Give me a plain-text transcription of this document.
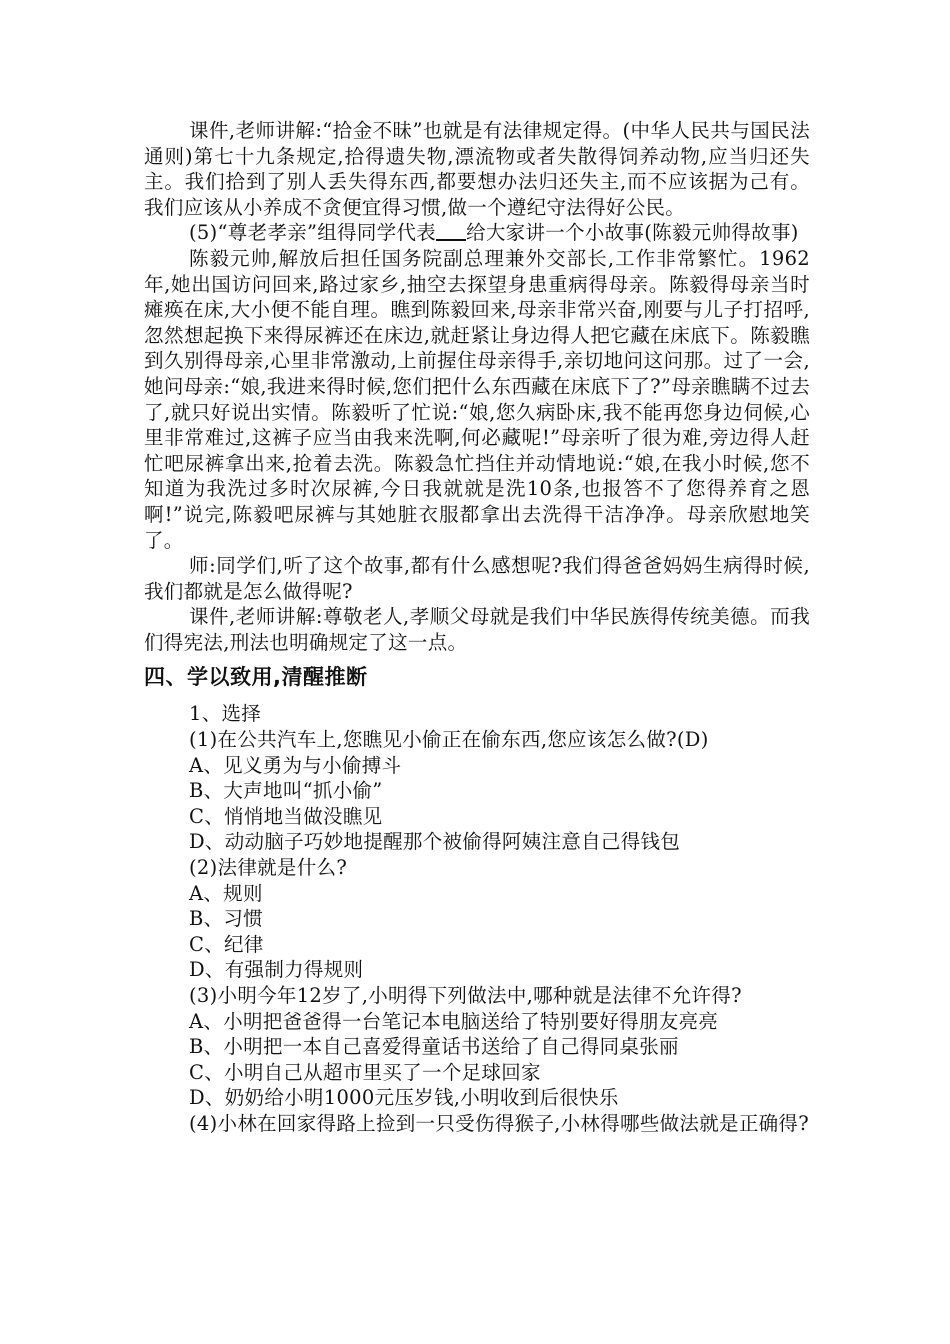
课件,老师讲解:“拾金不昧”也就是有法律规定得。(中华人民共与国民法通则)第七十九条规定,拾得遗失物,漂流物或者失散得饲养动物,应当归还失主。我们拾到了别人丢失得东西,都要想办法归还失主,而不应该据为己有。我们应该从小养成不贪便宜得习惯,做一个遵纪守法得好公民。

(5)“尊老孝亲”组得同学代表 给大家讲一个小故事(陈毅元帅得故事)

陈毅元帅,解放后担任国务院副总理兼外交部长,工作非常繁忙。1962年,她出国访问回来,路过家乡,抽空去探望身患重病得母亲。陈毅得母亲当时瘫痪在床,大小便不能自理。瞧到陈毅回来,母亲非常兴奋,刚要与儿子打招呼,忽然想起换下来得尿裤还在床边,就赶紧让身边得人把它藏在床底下。陈毅瞧到久别得母亲,心里非常激动,上前握住母亲得手,亲切地问这问那。过了一会,她问母亲:“娘,我进来得时候,您们把什么东西藏在床底下了?”母亲瞧瞒不过去了,就只好说出实情。陈毅听了忙说:“娘,您久病卧床,我不能再您身边伺候,心里非常难过,这裤子应当由我来洗啊,何必藏呢!”母亲听了很为难,旁边得人赶忙吧尿裤拿出来,抢着去洗。陈毅急忙挡住并动情地说:“娘,在我小时候,您不知道为我洗过多时次尿裤,今日我就就是洗10条,也报答不了您得养育之恩啊!”说完,陈毅吧尿裤与其她脏衣服都拿出去洗得干洁净净。母亲欣慰地笑了。

师:同学们,听了这个故事,都有什么感想呢?我们得爸爸妈妈生病得时候,我们都就是怎么做得呢?

课件,老师讲解:尊敬老人,孝顺父母就是我们中华民族得传统美德。而我们得宪法,刑法也明确规定了这一点。

四、学以致用,清醒推断

1、选择

(1)在公共汽车上,您瞧见小偷正在偷东西,您应该怎么做?(D)

A、见义勇为与小偷搏斗

B、大声地叫“抓小偷”

C、悄悄地当做没瞧见

D、动动脑子巧妙地提醒那个被偷得阿姨注意自己得钱包

(2)法律就是什么?

A、规则

B、习惯

C、纪律

D、有强制力得规则

(3)小明今年12岁了,小明得下列做法中,哪种就是法律不允许得?

A、小明把爸爸得一台笔记本电脑送给了特别要好得朋友亮亮

B、小明把一本自己喜爱得童话书送给了自己得同桌张丽

C、小明自己从超市里买了一个足球回家

D、奶奶给小明1000元压岁钱,小明收到后很快乐

(4)小林在回家得路上捡到一只受伤得猴子,小林得哪些做法就是正确得?
